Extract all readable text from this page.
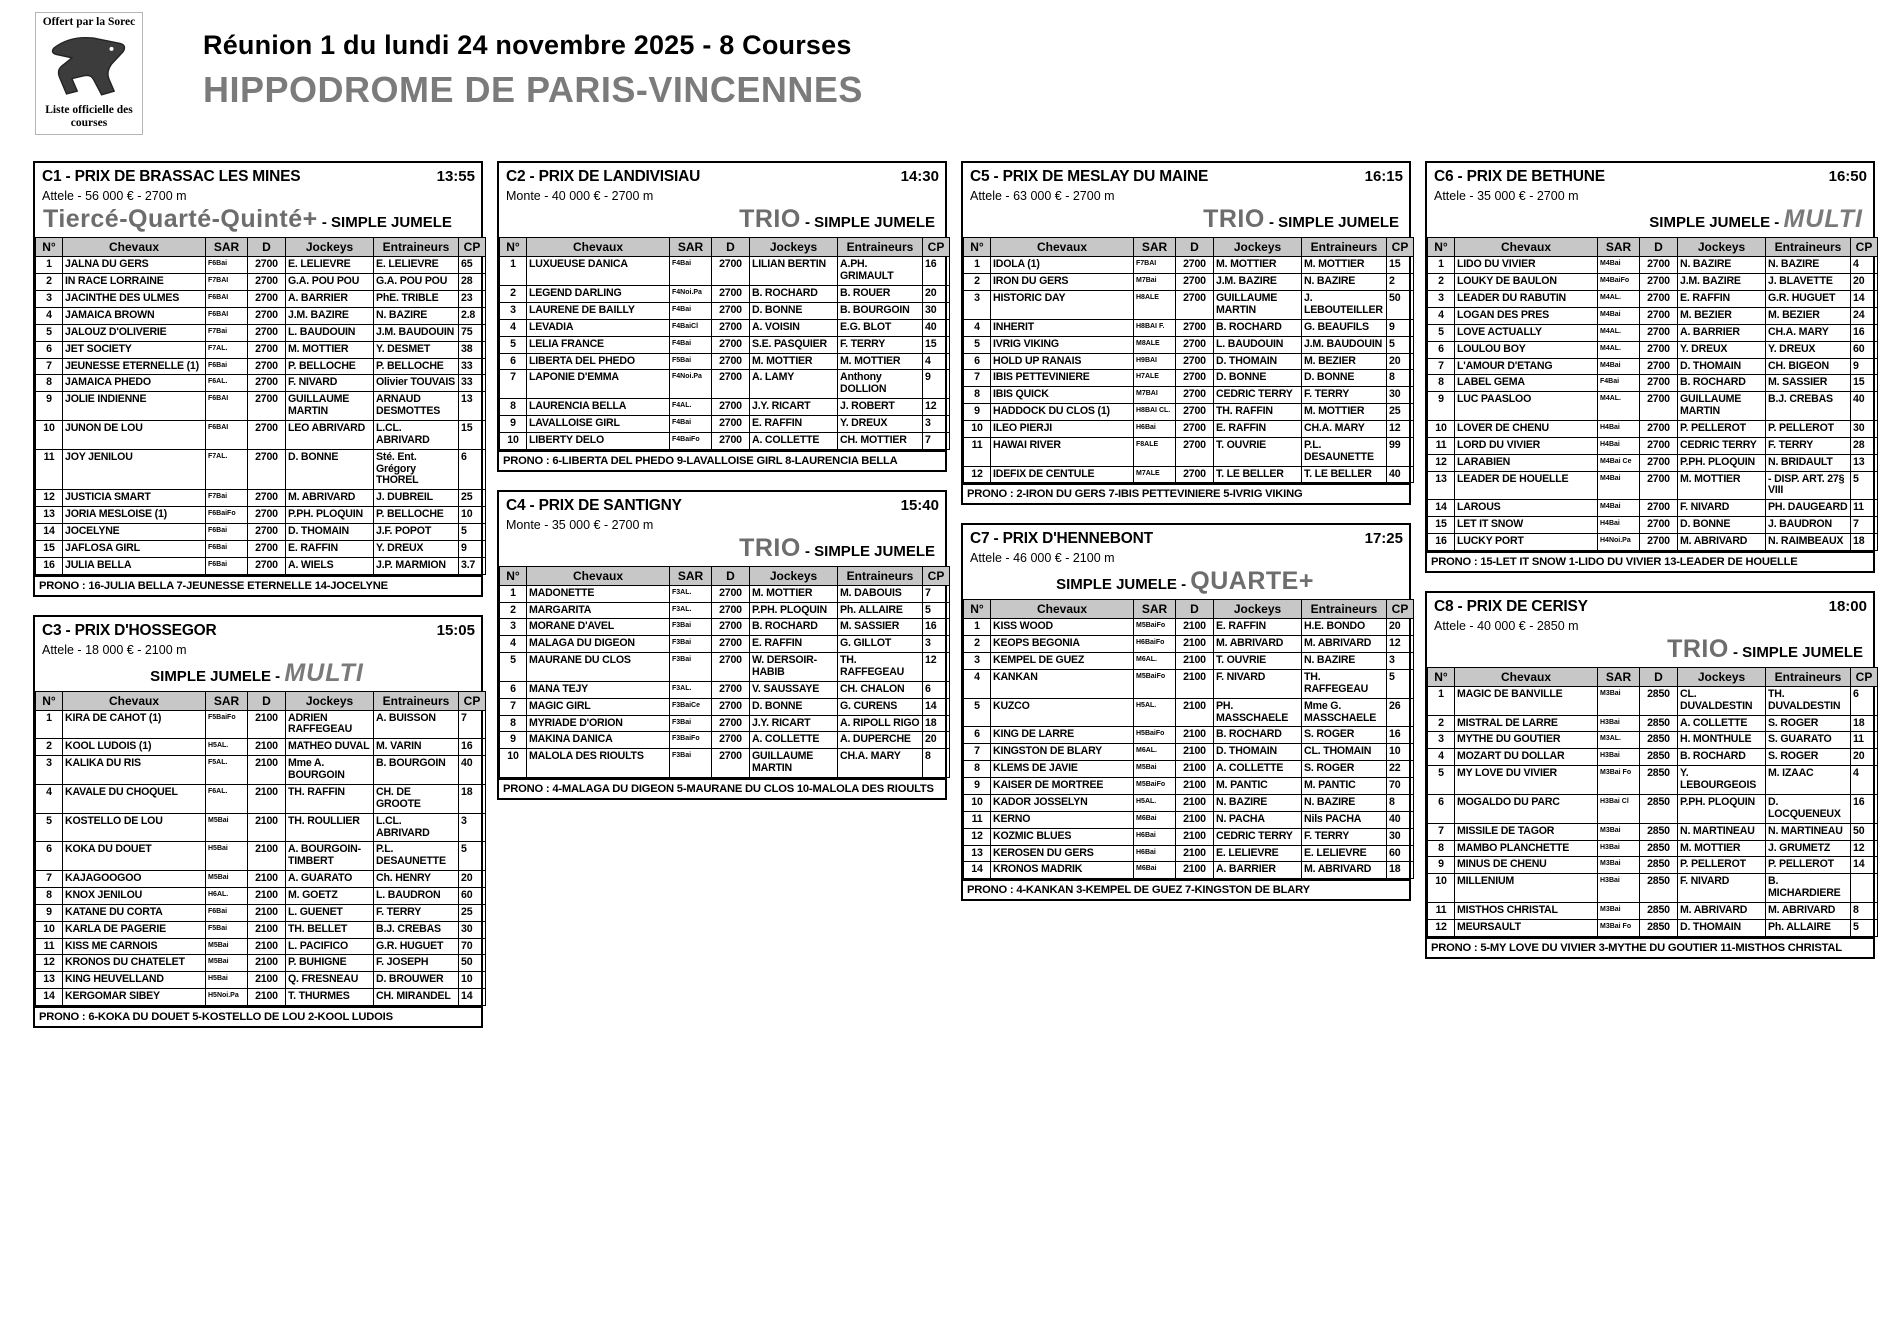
Offert par la Sorec
Liste officielle des courses
Réunion 1 du lundi 24 novembre 2025 - 8 Courses
HIPPODROME DE PARIS-VINCENNES
C1 - PRIX DE BRASSAC LES MINES	13:55
Attele - 56 000 € - 2700 m
Tiercé-Quarté-Quinté+ - SIMPLE JUMELE
N°	Chevaux	SAR	D	Jockeys	Entraineurs	CP
1	JALNA DU GERS	F6Bai	2700	E. LELIEVRE	E. LELIEVRE	65
2	IN RACE LORRAINE	F7BAI	2700	G.A. POU POU	G.A. POU POU	28
3	JACINTHE DES ULMES	F6BAI	2700	A. BARRIER	PhE. TRIBLE	23
4	JAMAICA BROWN	F6BAI	2700	J.M. BAZIRE	N. BAZIRE	2.8
5	JALOUZ D'OLIVERIE	F7Bai	2700	L. BAUDOUIN	J.M. BAUDOUIN	75
6	JET SOCIETY	F7AL.	2700	M. MOTTIER	Y. DESMET	38
7	JEUNESSE ETERNELLE (1)	F6Bai	2700	P. BELLOCHE	P. BELLOCHE	33
8	JAMAICA PHEDO	F6AL.	2700	F. NIVARD	Olivier TOUVAIS	33
9	JOLIE INDIENNE	F6BAI	2700	GUILLAUME MARTIN	ARNAUD DESMOTTES	13
10	JUNON DE LOU	F6BAI	2700	LEO ABRIVARD	L.CL. ABRIVARD	15
11	JOY JENILOU	F7AL.	2700	D. BONNE	Sté. Ent. Grégory THOREL	6
12	JUSTICIA SMART	F7Bai	2700	M. ABRIVARD	J. DUBREIL	25
13	JORIA MESLOISE (1)	F6BaiFo	2700	P.PH. PLOQUIN	P. BELLOCHE	10
14	JOCELYNE	F6Bai	2700	D. THOMAIN	J.F. POPOT	5
15	JAFLOSA GIRL	F6Bai	2700	E. RAFFIN	Y. DREUX	9
16	JULIA BELLA	F6Bai	2700	A. WIELS	J.P. MARMION	3.7
PRONO : 16-JULIA BELLA 7-JEUNESSE ETERNELLE 14-JOCELYNE
C3 - PRIX D'HOSSEGOR	15:05
Attele - 18 000 € - 2100 m
SIMPLE JUMELE - MULTI
N°	Chevaux	SAR	D	Jockeys	Entraineurs	CP
1	KIRA DE CAHOT (1)	F5BaiFo	2100	ADRIEN RAFFEGEAU	A. BUISSON	7
2	KOOL LUDOIS (1)	H5AL.	2100	MATHEO DUVAL	M. VARIN	16
3	KALIKA DU RIS	F5AL.	2100	Mme A. BOURGOIN	B. BOURGOIN	40
4	KAVALE DU CHOQUEL	F6AL.	2100	TH. RAFFIN	CH. DE GROOTE	18
5	KOSTELLO DE LOU	M5Bai	2100	TH. ROULLIER	L.CL. ABRIVARD	3
6	KOKA DU DOUET	H5Bai	2100	A. BOURGOIN-TIMBERT	P.L. DESAUNETTE	5
7	KAJAGOOGOO	M5Bai	2100	A. GUARATO	Ch. HENRY	20
8	KNOX JENILOU	H6AL.	2100	M. GOETZ	L. BAUDRON	60
9	KATANE DU CORTA	F6Bai	2100	L. GUENET	F. TERRY	25
10	KARLA DE PAGERIE	F5Bai	2100	TH. BELLET	B.J. CREBAS	30
11	KISS ME CARNOIS	M5Bai	2100	L. PACIFICO	G.R. HUGUET	70
12	KRONOS DU CHATELET	M5Bai	2100	P. BUHIGNE	F. JOSEPH	50
13	KING HEUVELLAND	H5Bai	2100	Q. FRESNEAU	D. BROUWER	10
14	KERGOMAR SIBEY	H5Noi.Pa	2100	T. THURMES	CH. MIRANDEL	14
PRONO : 6-KOKA DU DOUET 5-KOSTELLO DE LOU 2-KOOL LUDOIS
C2 - PRIX DE LANDIVISIAU	14:30
Monte - 40 000 € - 2700 m
TRIO - SIMPLE JUMELE
N°	Chevaux	SAR	D	Jockeys	Entraineurs	CP
1	LUXUEUSE DANICA	F4Bai	2700	LILIAN BERTIN	A.PH. GRIMAULT	16
2	LEGEND DARLING	F4Noi.Pa	2700	B. ROCHARD	B. ROUER	20
3	LAURENE DE BAILLY	F4Bai	2700	D. BONNE	B. BOURGOIN	30
4	LEVADIA	F4BaiCl	2700	A. VOISIN	E.G. BLOT	40
5	LELIA FRANCE	F4Bai	2700	S.E. PASQUIER	F. TERRY	15
6	LIBERTA DEL PHEDO	F5Bai	2700	M. MOTTIER	M. MOTTIER	4
7	LAPONIE D'EMMA	F4Noi.Pa	2700	A. LAMY	Anthony DOLLION	9
8	LAURENCIA BELLA	F4AL.	2700	J.Y. RICART	J. ROBERT	12
9	LAVALLOISE GIRL	F4Bai	2700	E. RAFFIN	Y. DREUX	3
10	LIBERTY DELO	F4BaiFo	2700	A. COLLETTE	CH. MOTTIER	7
PRONO : 6-LIBERTA DEL PHEDO 9-LAVALLOISE GIRL 8-LAURENCIA BELLA
C4 - PRIX DE SANTIGNY	15:40
Monte - 35 000 € - 2700 m
TRIO - SIMPLE JUMELE
N°	Chevaux	SAR	D	Jockeys	Entraineurs	CP
1	MADONETTE	F3AL.	2700	M. MOTTIER	M. DABOUIS	7
2	MARGARITA	F3AL.	2700	P.PH. PLOQUIN	Ph. ALLAIRE	5
3	MORANE D'AVEL	F3Bai	2700	B. ROCHARD	M. SASSIER	16
4	MALAGA DU DIGEON	F3Bai	2700	E. RAFFIN	G. GILLOT	3
5	MAURANE DU CLOS	F3Bai	2700	W. DERSOIR-HABIB	TH. RAFFEGEAU	12
6	MANA TEJY	F3AL.	2700	V. SAUSSAYE	CH. CHALON	6
7	MAGIC GIRL	F3BaiCe	2700	D. BONNE	G. CURENS	14
8	MYRIADE D'ORION	F3Bai	2700	J.Y. RICART	A. RIPOLL RIGO	18
9	MAKINA DANICA	F3BaiFo	2700	A. COLLETTE	A. DUPERCHE	20
10	MALOLA DES RIOULTS	F3Bai	2700	GUILLAUME MARTIN	CH.A. MARY	8
PRONO : 4-MALAGA DU DIGEON 5-MAURANE DU CLOS 10-MALOLA DES RIOULTS
C5 - PRIX DE MESLAY DU MAINE	16:15
Attele - 63 000 € - 2700 m
TRIO - SIMPLE JUMELE
N°	Chevaux	SAR	D	Jockeys	Entraineurs	CP
1	IDOLA (1)	F7BAI	2700	M. MOTTIER	M. MOTTIER	15
2	IRON DU GERS	M7Bai	2700	J.M. BAZIRE	N. BAZIRE	2
3	HISTORIC DAY	H8ALE	2700	GUILLAUME MARTIN	J. LEBOUTEILLER	50
4	INHERIT	H8BAI F.	2700	B. ROCHARD	G. BEAUFILS	9
5	IVRIG VIKING	M8ALE	2700	L. BAUDOUIN	J.M. BAUDOUIN	5
6	HOLD UP RANAIS	H9BAI	2700	D. THOMAIN	M. BEZIER	20
7	IBIS PETTEVINIERE	H7ALE	2700	D. BONNE	D. BONNE	8
8	IBIS QUICK	M7BAI	2700	CEDRIC TERRY	F. TERRY	30
9	HADDOCK DU CLOS (1)	H8BAI CL.	2700	TH. RAFFIN	M. MOTTIER	25
10	ILEO PIERJI	H6Bai	2700	E. RAFFIN	CH.A. MARY	12
11	HAWAI RIVER	F8ALE	2700	T. OUVRIE	P.L. DESAUNETTE	99
12	IDEFIX DE CENTULE	M7ALE	2700	T. LE BELLER	T. LE BELLER	40
PRONO : 2-IRON DU GERS 7-IBIS PETTEVINIERE 5-IVRIG VIKING
C7 - PRIX D'HENNEBONT	17:25
Attele - 46 000 € - 2100 m
SIMPLE JUMELE - QUARTE+
N°	Chevaux	SAR	D	Jockeys	Entraineurs	CP
1	KISS WOOD	M5BaiFo	2100	E. RAFFIN	H.E. BONDO	20
2	KEOPS BEGONIA	H6BaiFo	2100	M. ABRIVARD	M. ABRIVARD	12
3	KEMPEL DE GUEZ	M6AL.	2100	T. OUVRIE	N. BAZIRE	3
4	KANKAN	M5BaiFo	2100	F. NIVARD	TH. RAFFEGEAU	5
5	KUZCO	H5AL.	2100	PH. MASSCHAELE	Mme G. MASSCHAELE	26
6	KING DE LARRE	H5BaiFo	2100	B. ROCHARD	S. ROGER	16
7	KINGSTON DE BLARY	M6AL.	2100	D. THOMAIN	CL. THOMAIN	10
8	KLEMS DE JAVIE	M5Bai	2100	A. COLLETTE	S. ROGER	22
9	KAISER DE MORTREE	M5BaiFo	2100	M. PANTIC	M. PANTIC	70
10	KADOR JOSSELYN	H5AL.	2100	N. BAZIRE	N. BAZIRE	8
11	KERNO	M6Bai	2100	N. PACHA	Nils PACHA	40
12	KOZMIC BLUES	H6Bai	2100	CEDRIC TERRY	F. TERRY	30
13	KEROSEN DU GERS	H6Bai	2100	E. LELIEVRE	E. LELIEVRE	60
14	KRONOS MADRIK	M6Bai	2100	A. BARRIER	M. ABRIVARD	18
PRONO : 4-KANKAN 3-KEMPEL DE GUEZ 7-KINGSTON DE BLARY
C6 - PRIX DE BETHUNE	16:50
Attele - 35 000 € - 2700 m
SIMPLE JUMELE - MULTI
N°	Chevaux	SAR	D	Jockeys	Entraineurs	CP
1	LIDO DU VIVIER	M4Bai	2700	N. BAZIRE	N. BAZIRE	4
2	LOUKY DE BAULON	M4BaiFo	2700	J.M. BAZIRE	J. BLAVETTE	20
3	LEADER DU RABUTIN	M4AL.	2700	E. RAFFIN	G.R. HUGUET	14
4	LOGAN DES PRES	M4Bai	2700	M. BEZIER	M. BEZIER	24
5	LOVE ACTUALLY	M4AL.	2700	A. BARRIER	CH.A. MARY	16
6	LOULOU BOY	M4AL.	2700	Y. DREUX	Y. DREUX	60
7	L'AMOUR D'ETANG	M4Bai	2700	D. THOMAIN	CH. BIGEON	9
8	LABEL GEMA	F4Bai	2700	B. ROCHARD	M. SASSIER	15
9	LUC PAASLOO	M4AL.	2700	GUILLAUME MARTIN	B.J. CREBAS	40
10	LOVER DE CHENU	H4Bai	2700	P. PELLEROT	P. PELLEROT	30
11	LORD DU VIVIER	H4Bai	2700	CEDRIC TERRY	F. TERRY	28
12	LARABIEN	M4Bai Ce	2700	P.PH. PLOQUIN	N. BRIDAULT	13
13	LEADER DE HOUELLE	M4Bai	2700	M. MOTTIER	- DISP. ART. 27§ VIII	5
14	LAROUS	M4Bai	2700	F. NIVARD	PH. DAUGEARD	11
15	LET IT SNOW	H4Bai	2700	D. BONNE	J. BAUDRON	7
16	LUCKY PORT	H4Noi.Pa	2700	M. ABRIVARD	N. RAIMBEAUX	18
PRONO : 15-LET IT SNOW 1-LIDO DU VIVIER 13-LEADER DE HOUELLE
C8 - PRIX DE CERISY	18:00
Attele - 40 000 € - 2850 m
TRIO - SIMPLE JUMELE
N°	Chevaux	SAR	D	Jockeys	Entraineurs	CP
1	MAGIC DE BANVILLE	M3Bai	2850	CL. DUVALDESTIN	TH. DUVALDESTIN	6
2	MISTRAL DE LARRE	H3Bai	2850	A. COLLETTE	S. ROGER	18
3	MYTHE DU GOUTIER	M3AL.	2850	H. MONTHULE	S. GUARATO	11
4	MOZART DU DOLLAR	H3Bai	2850	B. ROCHARD	S. ROGER	20
5	MY LOVE DU VIVIER	M3Bai Fo	2850	Y. LEBOURGEOIS	M. IZAAC	4
6	MOGALDO DU PARC	H3Bai Cl	2850	P.PH. PLOQUIN	D. LOCQUENEUX	16
7	MISSILE DE TAGOR	M3Bai	2850	N. MARTINEAU	N. MARTINEAU	50
8	MAMBO PLANCHETTE	H3Bai	2850	M. MOTTIER	J. GRUMETZ	12
9	MINUS DE CHENU	M3Bai	2850	P. PELLEROT	P. PELLEROT	14
10	MILLENIUM	H3Bai	2850	F. NIVARD	B. MICHARDIERE	
11	MISTHOS CHRISTAL	M3Bai	2850	M. ABRIVARD	M. ABRIVARD	8
12	MEURSAULT	M3Bai Fo	2850	D. THOMAIN	Ph. ALLAIRE	5
PRONO : 5-MY LOVE DU VIVIER 3-MYTHE DU GOUTIER 11-MISTHOS CHRISTAL
